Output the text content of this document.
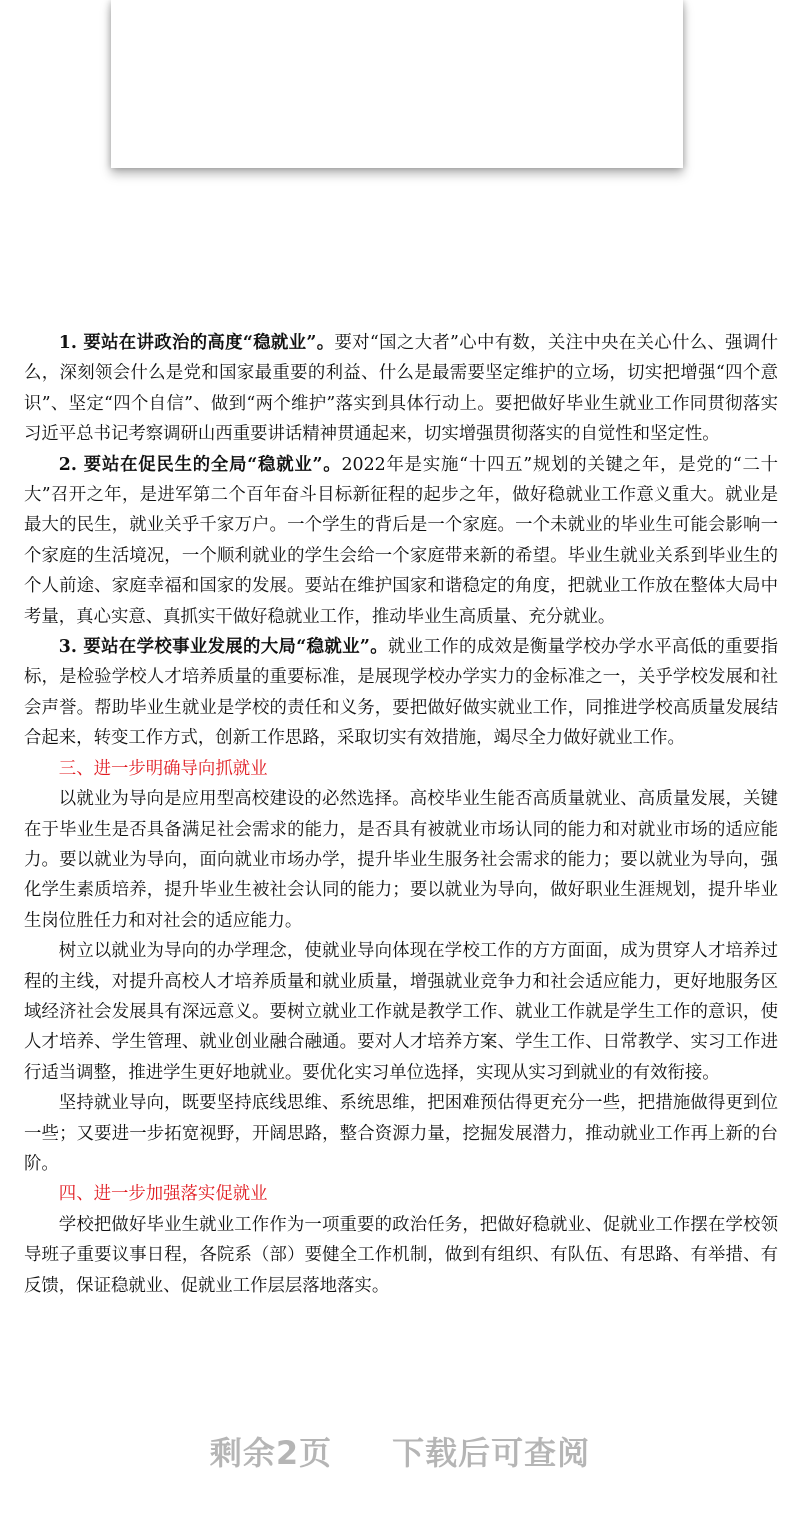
1. 要站在讲政治的高度“稳就业”。要对“国之大者”心中有数，关注中央在关心什么、强调什么，深刻领会什么是党和国家最重要的利益、什么是最需要坚定维护的立场，切实把增强“四个意识”、坚定“四个自信”、做到“两个维护”落实到具体行动上。要把做好毕业生就业工作同贯彻落实习近平总书记考察调研山西重要讲话精神贯通起来，切实增强贯彻落实的自觉性和坚定性。

2. 要站在促民生的全局“稳就业”。2022年是实施“十四五”规划的关键之年，是党的“二十大”召开之年，是进军第二个百年奋斗目标新征程的起步之年，做好稳就业工作意义重大。就业是最大的民生，就业关乎千家万户。一个学生的背后是一个家庭。一个未就业的毕业生可能会影响一个家庭的生活境况，一个顺利就业的学生会给一个家庭带来新的希望。毕业生就业关系到毕业生的个人前途、家庭幸福和国家的发展。要站在维护国家和谐稳定的角度，把就业工作放在整体大局中考量，真心实意、真抓实干做好稳就业工作，推动毕业生高质量、充分就业。

3. 要站在学校事业发展的大局“稳就业”。就业工作的成效是衡量学校办学水平高低的重要指标，是检验学校人才培养质量的重要标准，是展现学校办学实力的金标准之一，关乎学校发展和社会声誉。帮助毕业生就业是学校的责任和义务，要把做好做实就业工作，同推进学校高质量发展结合起来，转变工作方式，创新工作思路，采取切实有效措施，竭尽全力做好就业工作。

三、进一步明确导向抓就业

以就业为导向是应用型高校建设的必然选择。高校毕业生能否高质量就业、高质量发展，关键在于毕业生是否具备满足社会需求的能力，是否具有被就业市场认同的能力和对就业市场的适应能力。要以就业为导向，面向就业市场办学，提升毕业生服务社会需求的能力；要以就业为导向，强化学生素质培养，提升毕业生被社会认同的能力；要以就业为导向，做好职业生涯规划，提升毕业生岗位胜任力和对社会的适应能力。

树立以就业为导向的办学理念，使就业导向体现在学校工作的方方面面，成为贯穿人才培养过程的主线，对提升高校人才培养质量和就业质量，增强就业竞争力和社会适应能力，更好地服务区域经济社会发展具有深远意义。要树立就业工作就是教学工作、就业工作就是学生工作的意识，使人才培养、学生管理、就业创业融合融通。要对人才培养方案、学生工作、日常教学、实习工作进行适当调整，推进学生更好地就业。要优化实习单位选择，实现从实习到就业的有效衔接。

坚持就业导向，既要坚持底线思维、系统思维，把困难预估得更充分一些，把措施做得更到位一些；又要进一步拓宽视野，开阔思路，整合资源力量，挖掘发展潜力，推动就业工作再上新的台阶。

四、进一步加强落实促就业

学校把做好毕业生就业工作作为一项重要的政治任务，把做好稳就业、促就业工作摆在学校领导班子重要议事日程，各院系（部）要健全工作机制，做到有组织、有队伍、有思路、有举措、有反馈，保证稳就业、促就业工作层层落地落实。

剩余2页 下载后可查阅
